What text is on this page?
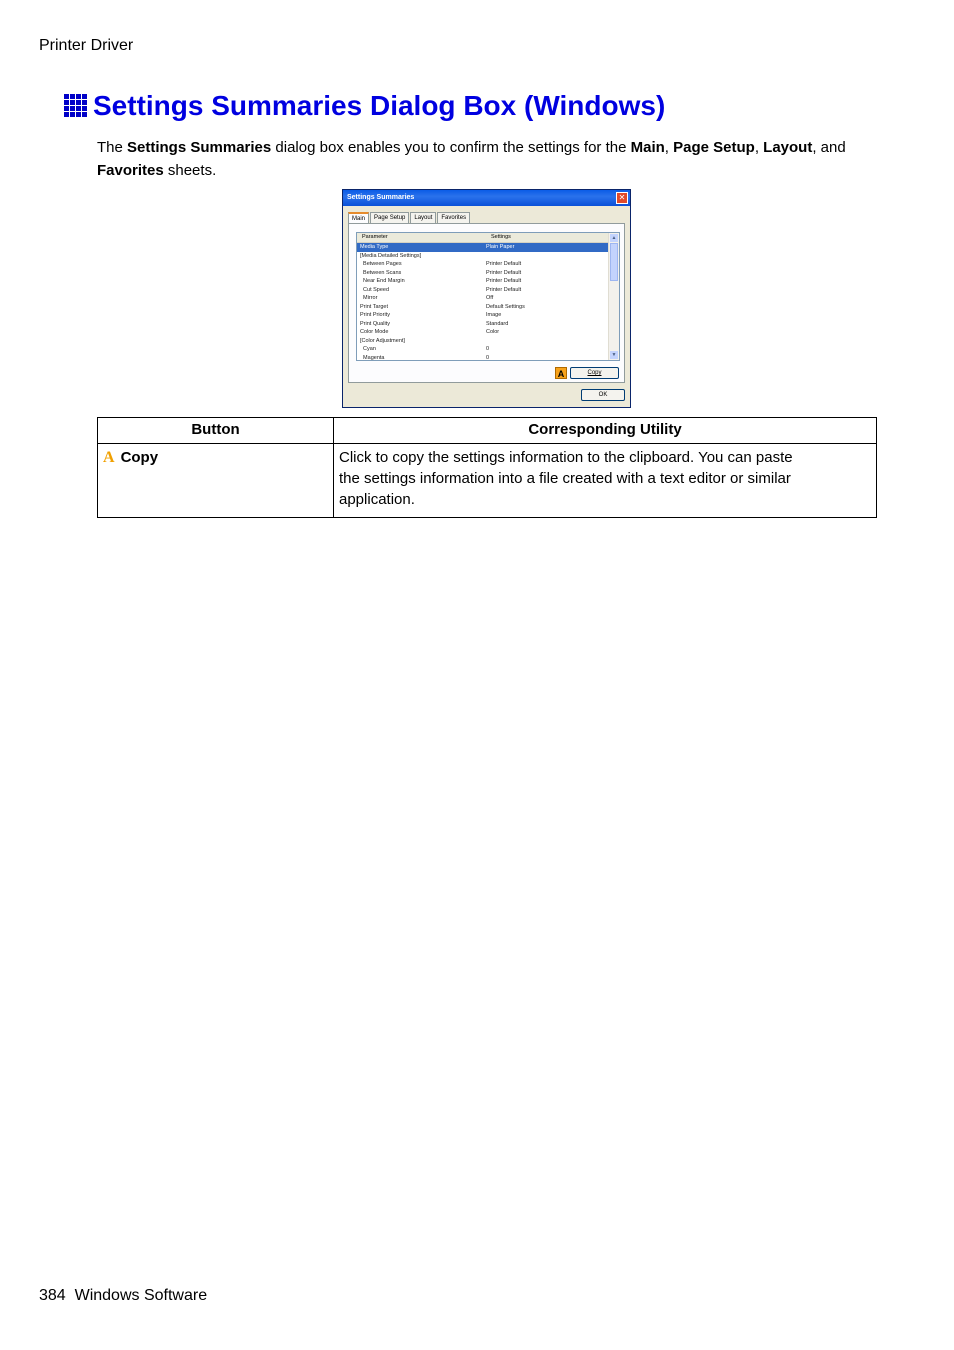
Printer Driver
Settings Summaries Dialog Box (Windows)

The Settings Summaries dialog box enables you to confirm the settings for the Main, Page Setup, Layout, and Favorites sheets.

Settings Summaries	✕
Main	Page Setup	Layout	Favorites
Parameter	Settings
Media Type	Plain Paper
[Media Detailed Settings]
Between Pages	Printer Default
Between Scans	Printer Default
Near End Margin	Printer Default
Cut Speed	Printer Default
Mirror	Off
Print Target	Default Settings
Print Priority	Image
Print Quality	Standard
Color Mode	Color
[Color Adjustment]
Cyan	0
Magenta	0
▲
▼
A	Copy
OK
Button	Corresponding Utility
A Copy	Click to copy the settings information to the clipboard. You can paste
the settings information into a file created with a text editor or similar
application.
384 Windows Software
